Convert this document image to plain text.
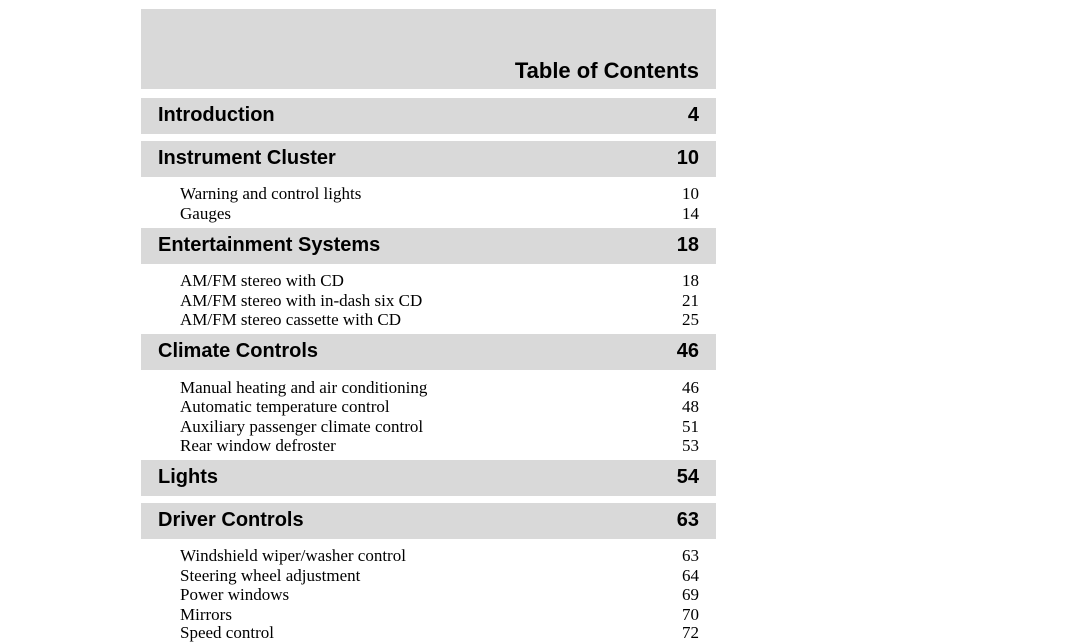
Table of Contents
Introduction	4
Instrument Cluster	10
Warning and control lights	10
Gauges	14
Entertainment Systems	18
AM/FM stereo with CD	18
AM/FM stereo with in-dash six CD	21
AM/FM stereo cassette with CD	25
Climate Controls	46
Manual heating and air conditioning	46
Automatic temperature control	48
Auxiliary passenger climate control	51
Rear window defroster	53
Lights	54
Driver Controls	63
Windshield wiper/washer control	63
Steering wheel adjustment	64
Power windows	69
Mirrors	70
Speed control	72
